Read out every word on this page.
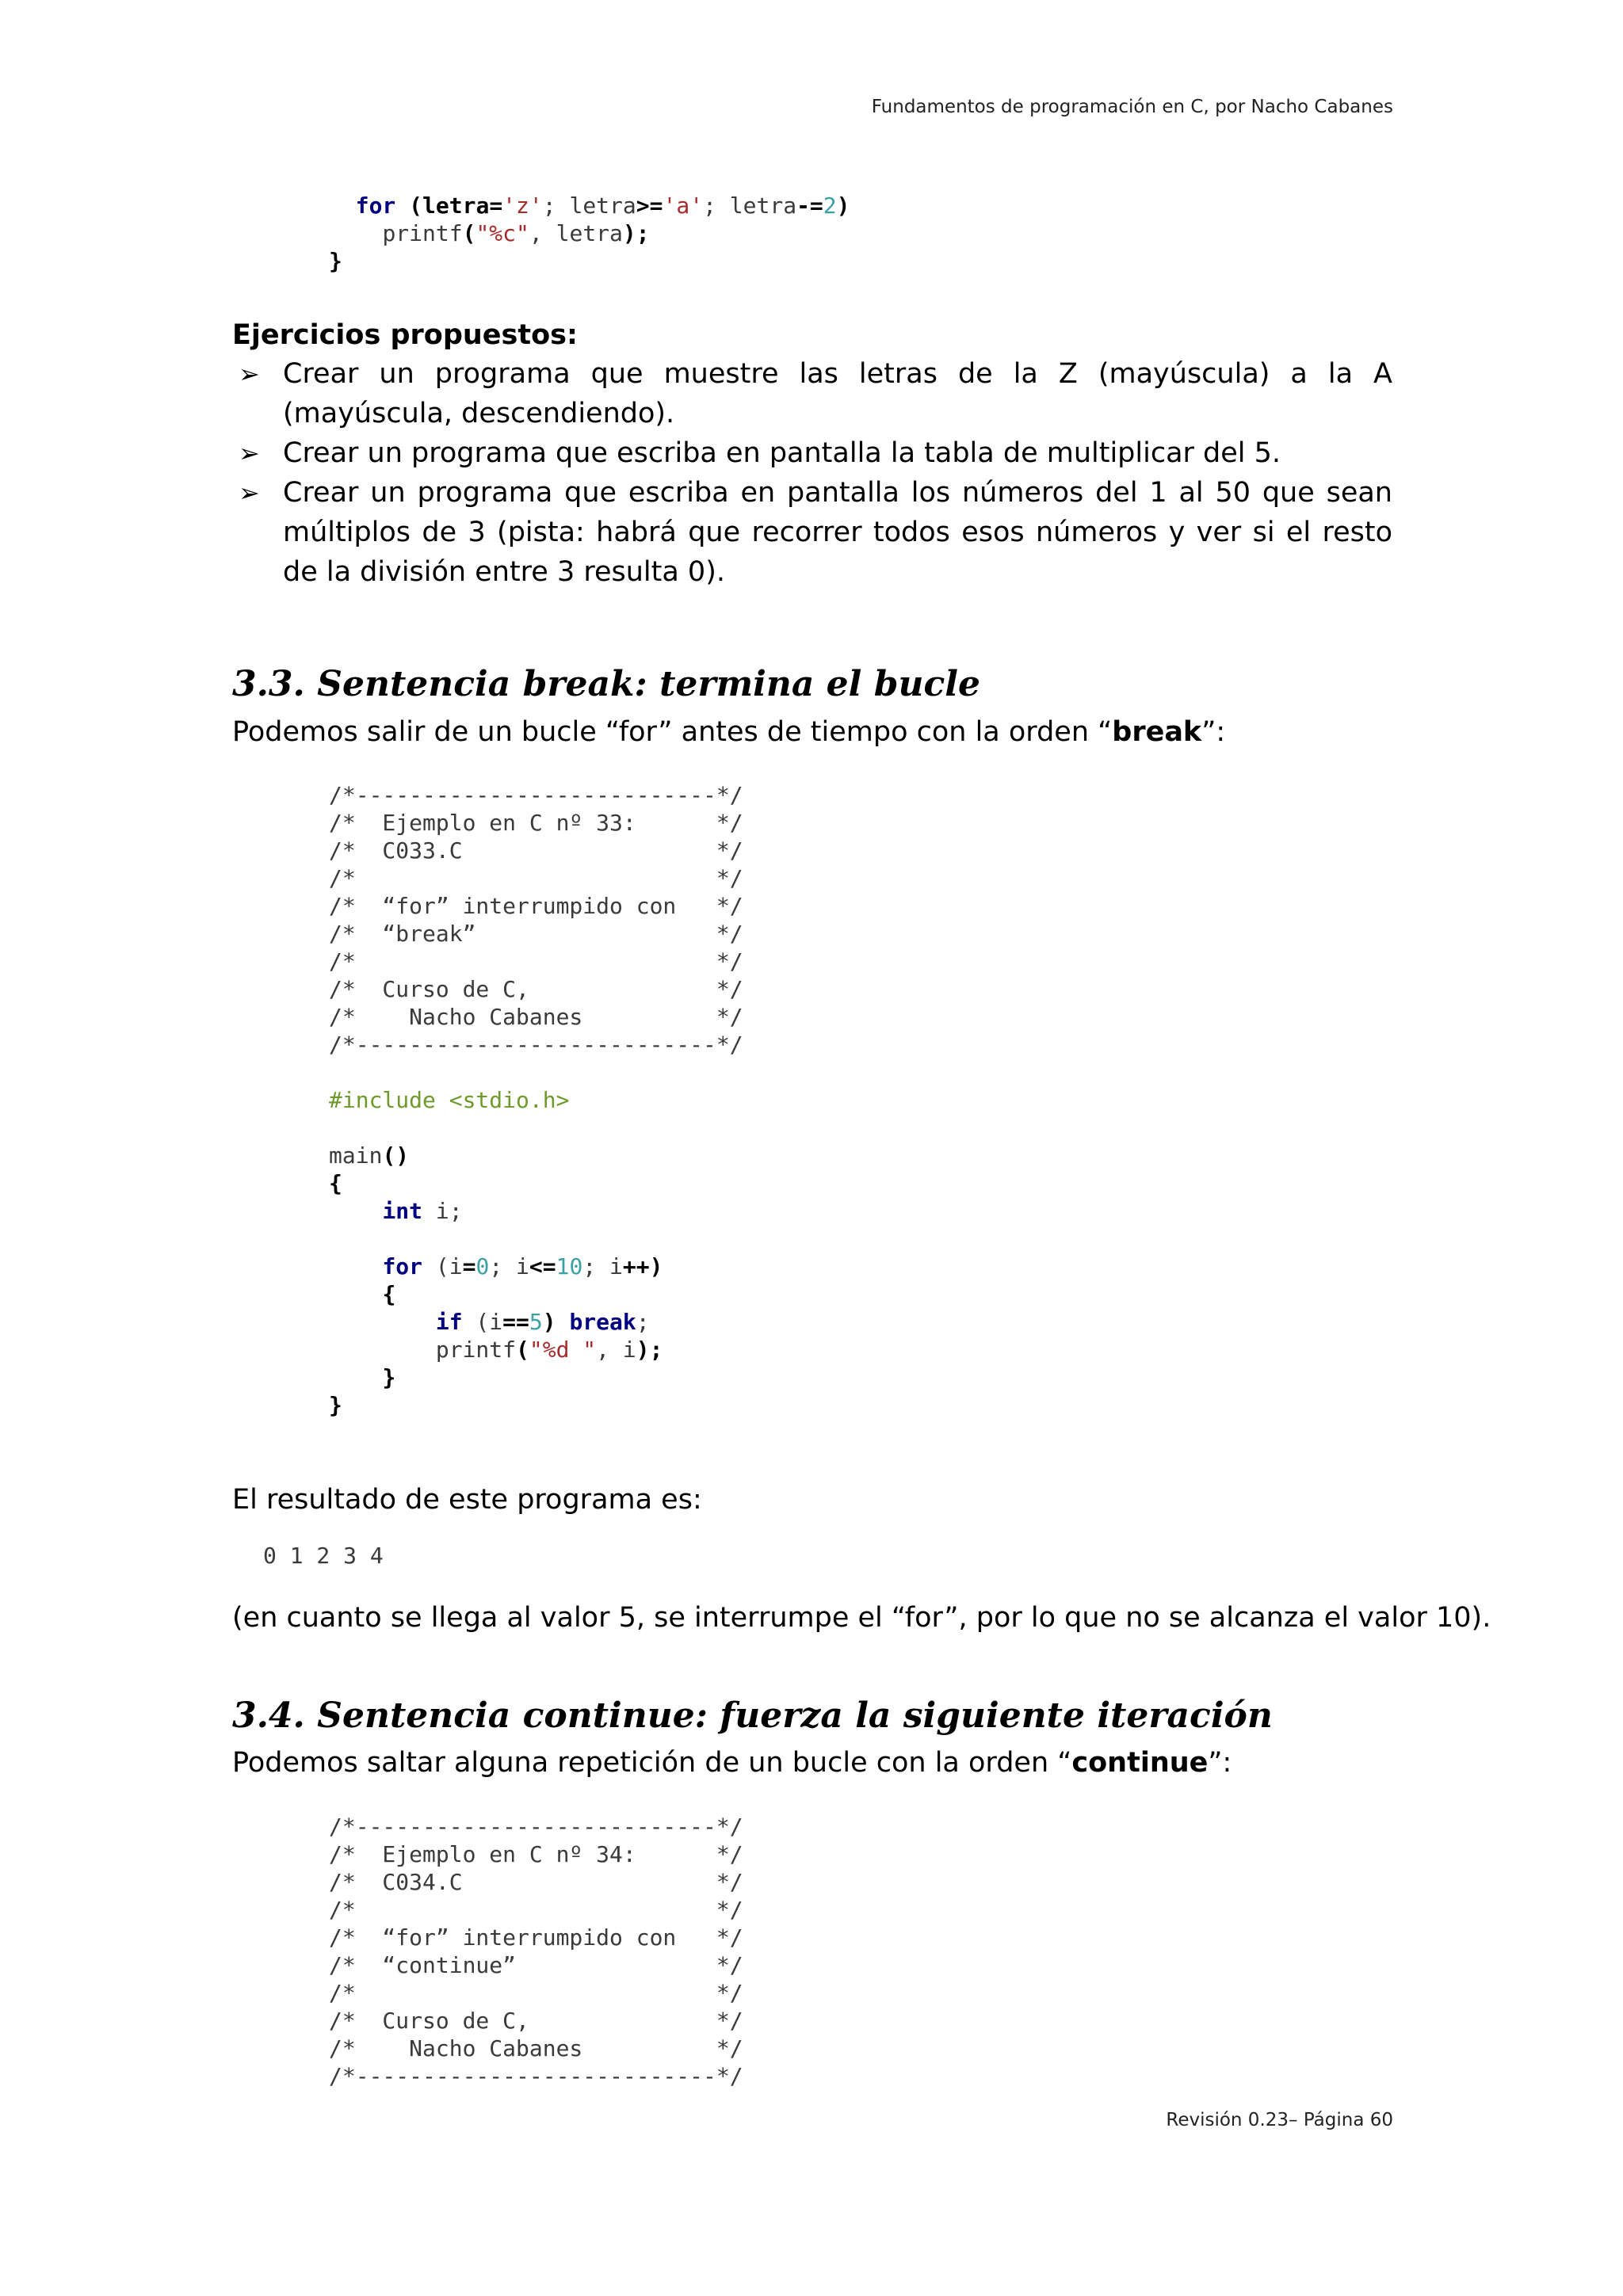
Fundamentos de programación en C, por Nacho Cabanes
for (letra='z'; letra>='a'; letra-=2)
printf("%c", letra);
}
Ejercicios propuestos:
➢ Crear un programa que muestre las letras de la Z (mayúscula) a la A (mayúscula, descendiendo).
➢ Crear un programa que escriba en pantalla la tabla de multiplicar del 5.
➢ Crear un programa que escriba en pantalla los números del 1 al 50 que sean múltiplos de 3 (pista: habrá que recorrer todos esos números y ver si el resto de la división entre 3 resulta 0).
3.3. Sentencia break: termina el bucle
Podemos salir de un bucle “for” antes de tiempo con la orden “break”:
/*---------------------------*/
/*  Ejemplo en C nº 33:      */
/*  C033.C                   */
/*                           */
/*  “for” interrumpido con   */
/*  “break”                  */
/*                           */
/*  Curso de C,              */
/*    Nacho Cabanes          */
/*---------------------------*/
#include <stdio.h>
main()
{
int i;

for (i=0; i<=10; i++)
{
if (i==5) break;
printf("%d ", i);
}
}
El resultado de este programa es:
0 1 2 3 4
(en cuanto se llega al valor 5, se interrumpe el “for”, por lo que no se alcanza el valor 10).
3.4. Sentencia continue: fuerza la siguiente iteración
Podemos saltar alguna repetición de un bucle con la orden “continue”:
/*---------------------------*/
/*  Ejemplo en C nº 34:      */
/*  C034.C                   */
/*                           */
/*  “for” interrumpido con   */
/*  “continue”               */
/*                           */
/*  Curso de C,              */
/*    Nacho Cabanes          */
/*---------------------------*/
Revisión 0.23– Página 60
